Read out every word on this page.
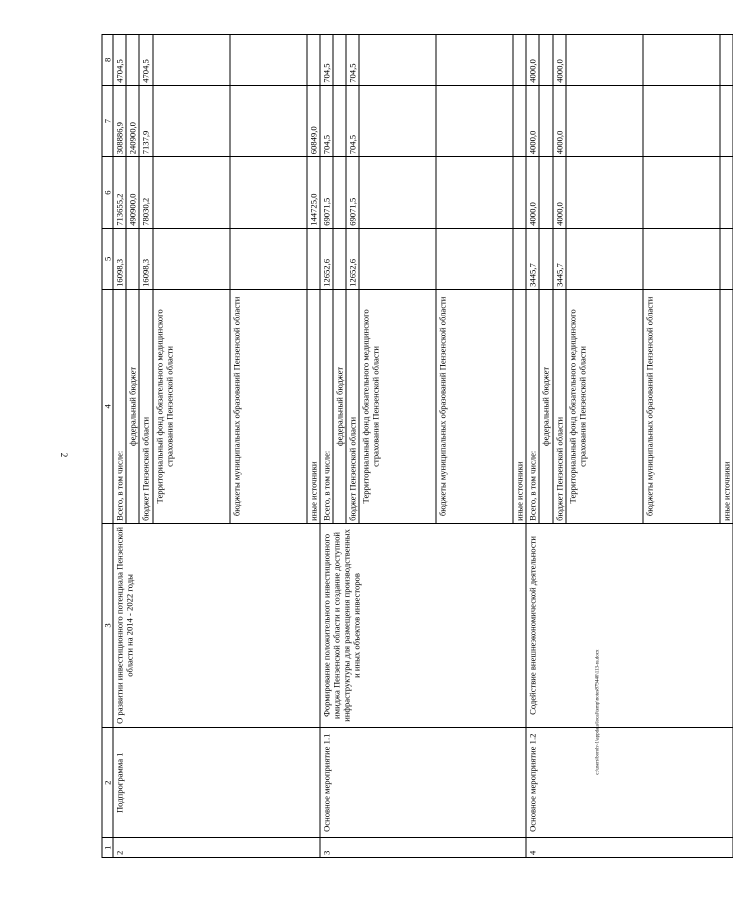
2
1	2	3	4	5	6	7	8
2	Подпрограмма 1	О развитии инвестиционного потенциала Пензенской области на 2014 - 2022 годы	Всего, в том числе:	16098,3	713655,2	308886,9	4704,5
			федеральный бюджет		490900,0	240900,0	
			бюджет Пензенской области	16098,3	78030,2	7137,9	4704,5
			Территориальный фонд обязательного медицинского страхования Пензенской области				
			бюджеты муниципальных образований Пензенской области				
			иные источники		144725,0	60849,0	
3	Основное мероприятие 1.1	Формирование положительного инвестиционного имиджа Пензенской области и создание доступной инфраструктуры для размещения производственных и иных объектов инвесторов	Всего, в том числе:	12652,6	69071,5	704,5	704,5
			федеральный бюджет				
			бюджет Пензенской области	12652,6	69071,5	704,5	704,5
			Территориальный фонд обязательного медицинского страхования Пензенской области				
			бюджеты муниципальных образований Пензенской области				
			иные источники				
4	Основное мероприятие 1.2	Содействие внешнеэкономической деятельности	Всего, в том числе:	3445,7	4000,0	4000,0	4000,0
			федеральный бюджет				
			бюджет Пензенской области	3445,7	4000,0	4000,0	4000,0
			Территориальный фонд обязательного медицинского страхования Пензенской области				
			бюджеты муниципальных образований Пензенской области				
			иные источники				
c:\users\boroh~1\appdata\local\temp\notes879440\113-ra.docx
